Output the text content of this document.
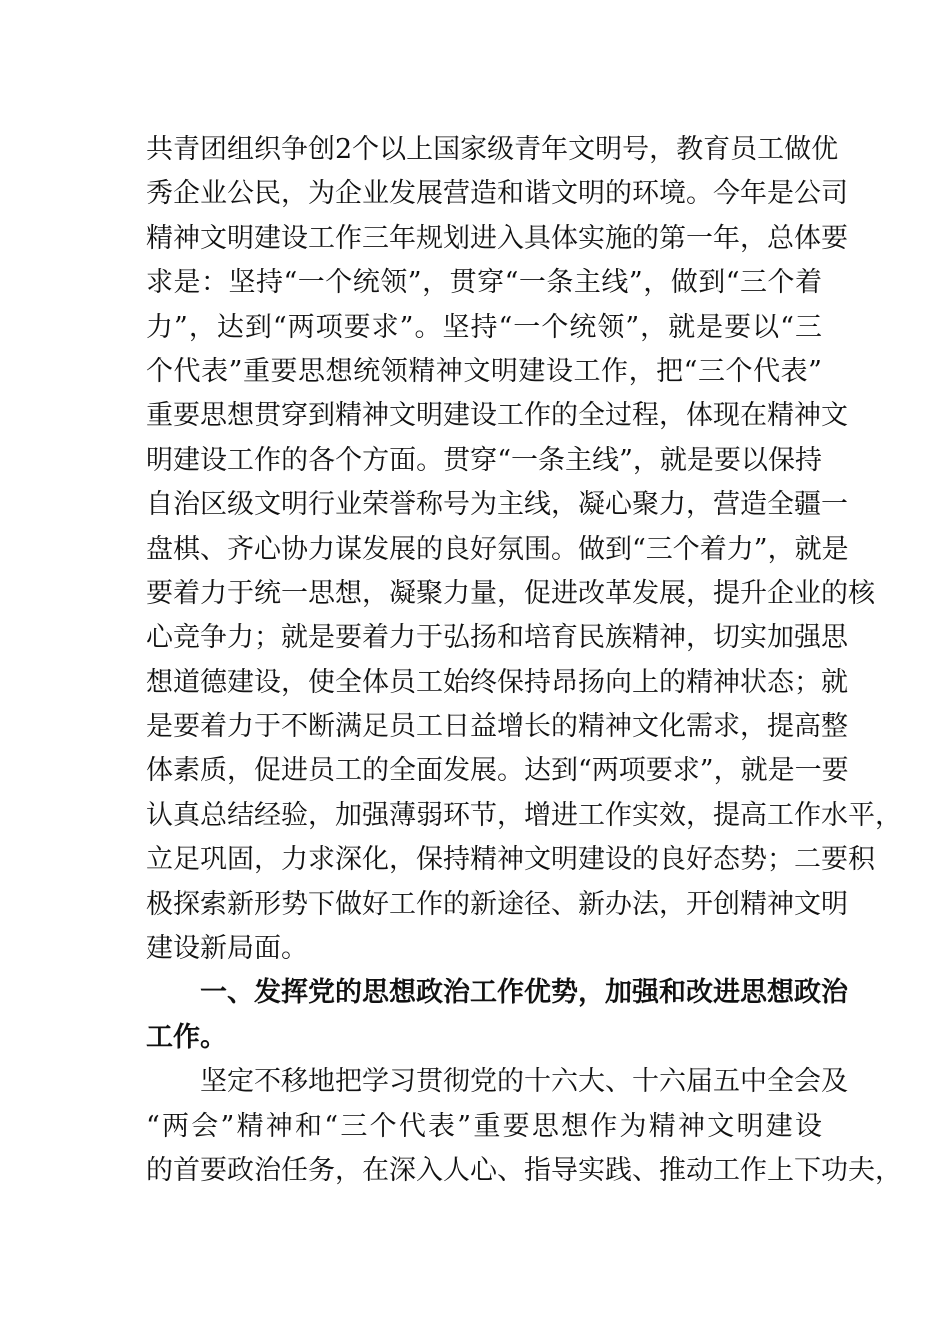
共青团组织争创2个以上国家级青年文明号，教育员工做优
秀企业公民，为企业发展营造和谐文明的环境。今年是公司
精神文明建设工作三年规划进入具体实施的第一年，总体要
求是：坚持“一个统领”，贯穿“一条主线”，做到“三个着
力”，达到“两项要求”。坚持“一个统领”，就是要以“三
个代表”重要思想统领精神文明建设工作，把“三个代表”
重要思想贯穿到精神文明建设工作的全过程，体现在精神文
明建设工作的各个方面。贯穿“一条主线”，就是要以保持
自治区级文明行业荣誉称号为主线，凝心聚力，营造全疆一
盘棋、齐心协力谋发展的良好氛围。做到“三个着力”，就是
要着力于统一思想，凝聚力量，促进改革发展，提升企业的核
心竞争力；就是要着力于弘扬和培育民族精神，切实加强思
想道德建设，使全体员工始终保持昂扬向上的精神状态；就
是要着力于不断满足员工日益增长的精神文化需求，提高整
体素质，促进员工的全面发展。达到“两项要求”，就是一要
认真总结经验，加强薄弱环节，增进工作实效，提高工作水平，
立足巩固，力求深化，保持精神文明建设的良好态势；二要积
极探索新形势下做好工作的新途径、新办法，开创精神文明
建设新局面。
一、发挥党的思想政治工作优势，加强和改进思想政治
工作。
坚定不移地把学习贯彻党的十六大、十六届五中全会及
“两会”精神和“三个代表”重要思想作为精神文明建设
的首要政治任务，在深入人心、指导实践、推动工作上下功夫，
